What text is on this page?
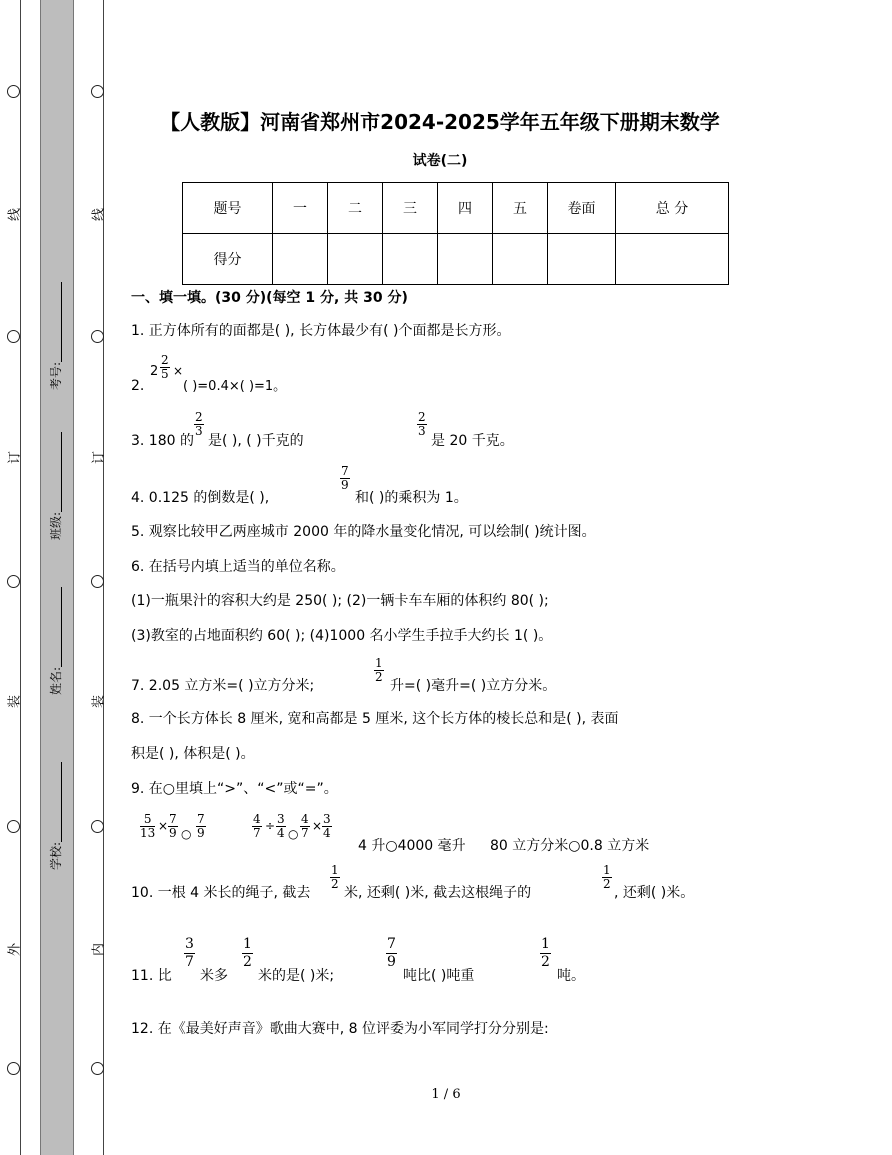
线
订
装
外
线
订
装
内
考号:
班级:
姓名:
学校:
【人教版】河南省郑州市2024-2025学年五年级下册期末数学
试卷(二)
题号	一	二	三	四	五	卷面	总 分
得分							
一、填一填。(30 分)(每空 1 分, 共 30 分)
1. 正方体所有的面都是( ), 长方体最少有( )个面都是长方形。
2.
$2 \frac{2}{5}$ ×
( )=0.4×( )=1。
3. 180 的
$\frac{2}{3}$
是( ), ( )千克的
$\frac{2}{3}$
是 20 千克。
4. 0.125 的倒数是( ),
$\frac{7}{9}$
和( )的乘积为 1。
5. 观察比较甲乙两座城市 2000 年的降水量变化情况, 可以绘制( )统计图。
6. 在括号内填上适当的单位名称。
(1)一瓶果汁的容积大约是 250( ); (2)一辆卡车车厢的体积约 80( );
(3)教室的占地面积约 60( ); (4)1000 名小学生手拉手大约长 1( )。
7. 2.05 立方米=( )立方分米;
$\frac{1}{2}$
升=( )毫升=( )立方分米。
8. 一个长方体长 8 厘米, 宽和高都是 5 厘米, 这个长方体的棱长总和是( ), 表面
积是( ), 体积是( )。
9. 在○里填上“>”、“<”或“=”。
$\frac{5}{13} \times \frac{7}{9}$ ○ $\frac{7}{9}$	$\frac{4}{7} \div \frac{3}{4}$ ○ $\frac{4}{7} \times \frac{3}{4}$
4 升○4000 毫升 80 立方分米○0.8 立方米
10. 一根 4 米长的绳子, 截去
$\frac{1}{2}$
米, 还剩( )米, 截去这根绳子的
$\frac{1}{2}$
, 还剩( )米。
11. 比
$\frac{3}{7}$
米多
$\frac{1}{2}$
米的是( )米;
$\frac{7}{9}$
吨比( )吨重
$\frac{1}{2}$
吨。
12. 在《最美好声音》歌曲大赛中, 8 位评委为小军同学打分分别是:
1 / 6
